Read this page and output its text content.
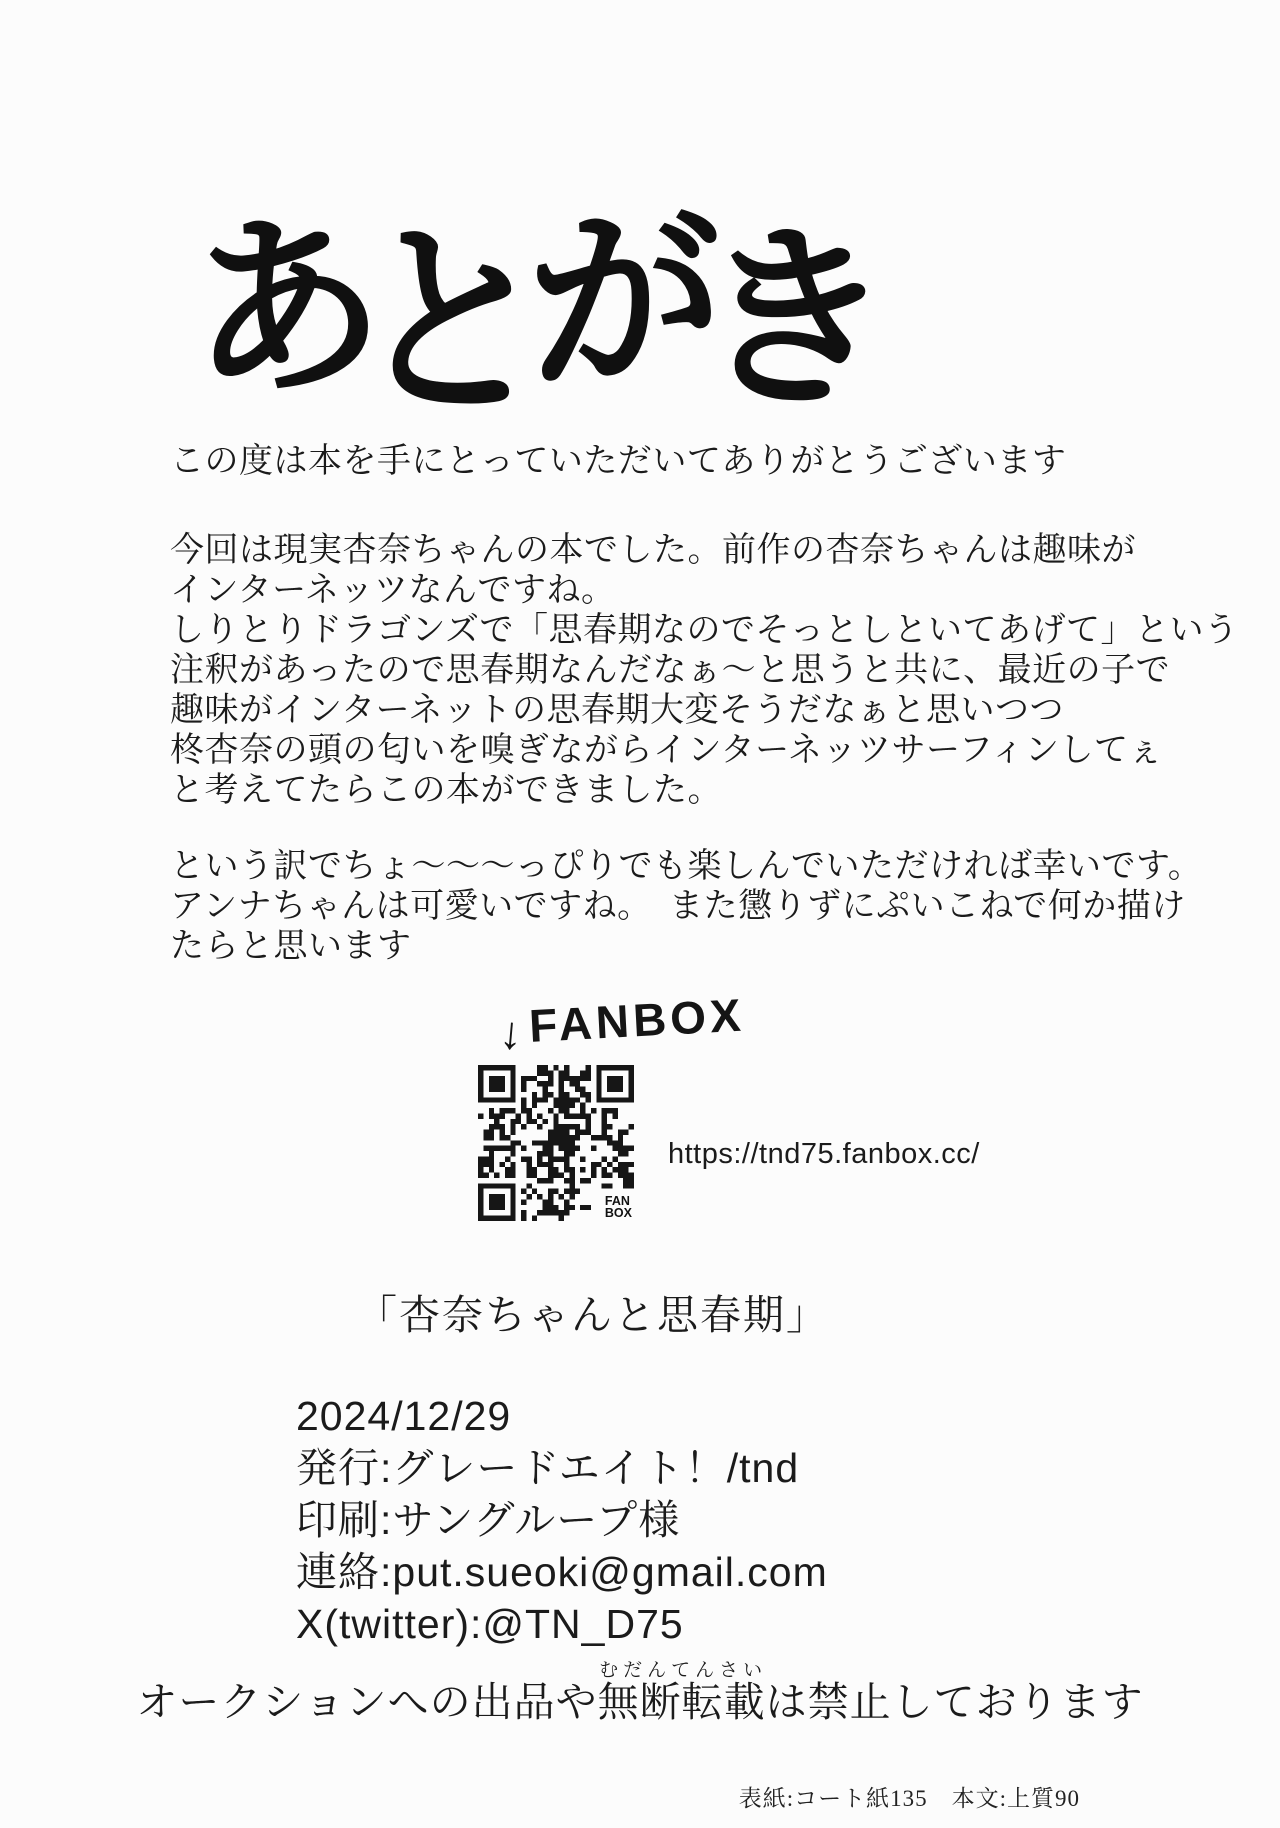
あとがき
この度は本を手にとっていただいてありがとうございます
今回は現実杏奈ちゃんの本でした。前作の杏奈ちゃんは趣味が
インターネッツなんですね。
しりとりドラゴンズで「思春期なのでそっとしといてあげて」という
注釈があったので思春期なんだなぁ〜と思うと共に、最近の子で
趣味がインターネットの思春期大変そうだなぁと思いつつ
柊杏奈の頭の匂いを嗅ぎながらインターネッツサーフィンしてぇ
と考えてたらこの本ができました。
という訳でちょ〜〜〜っぴりでも楽しんでいただければ幸いです。
アンナちゃんは可愛いですね。　また懲りずにぷいこねで何か描け
たらと思います
↓FANBOX
FAN
BOX
https://tnd75.fanbox.cc/
「杏奈ちゃんと思春期」
2024/12/29
発行:グレードエイト！/tnd
印刷:サングループ様
連絡:put.sueoki@gmail.com
X(twitter):@TN_D75
オークションへの出品や無断転載むだんてんさいは禁止しております
表紙:コート紙135　本文:上質90
